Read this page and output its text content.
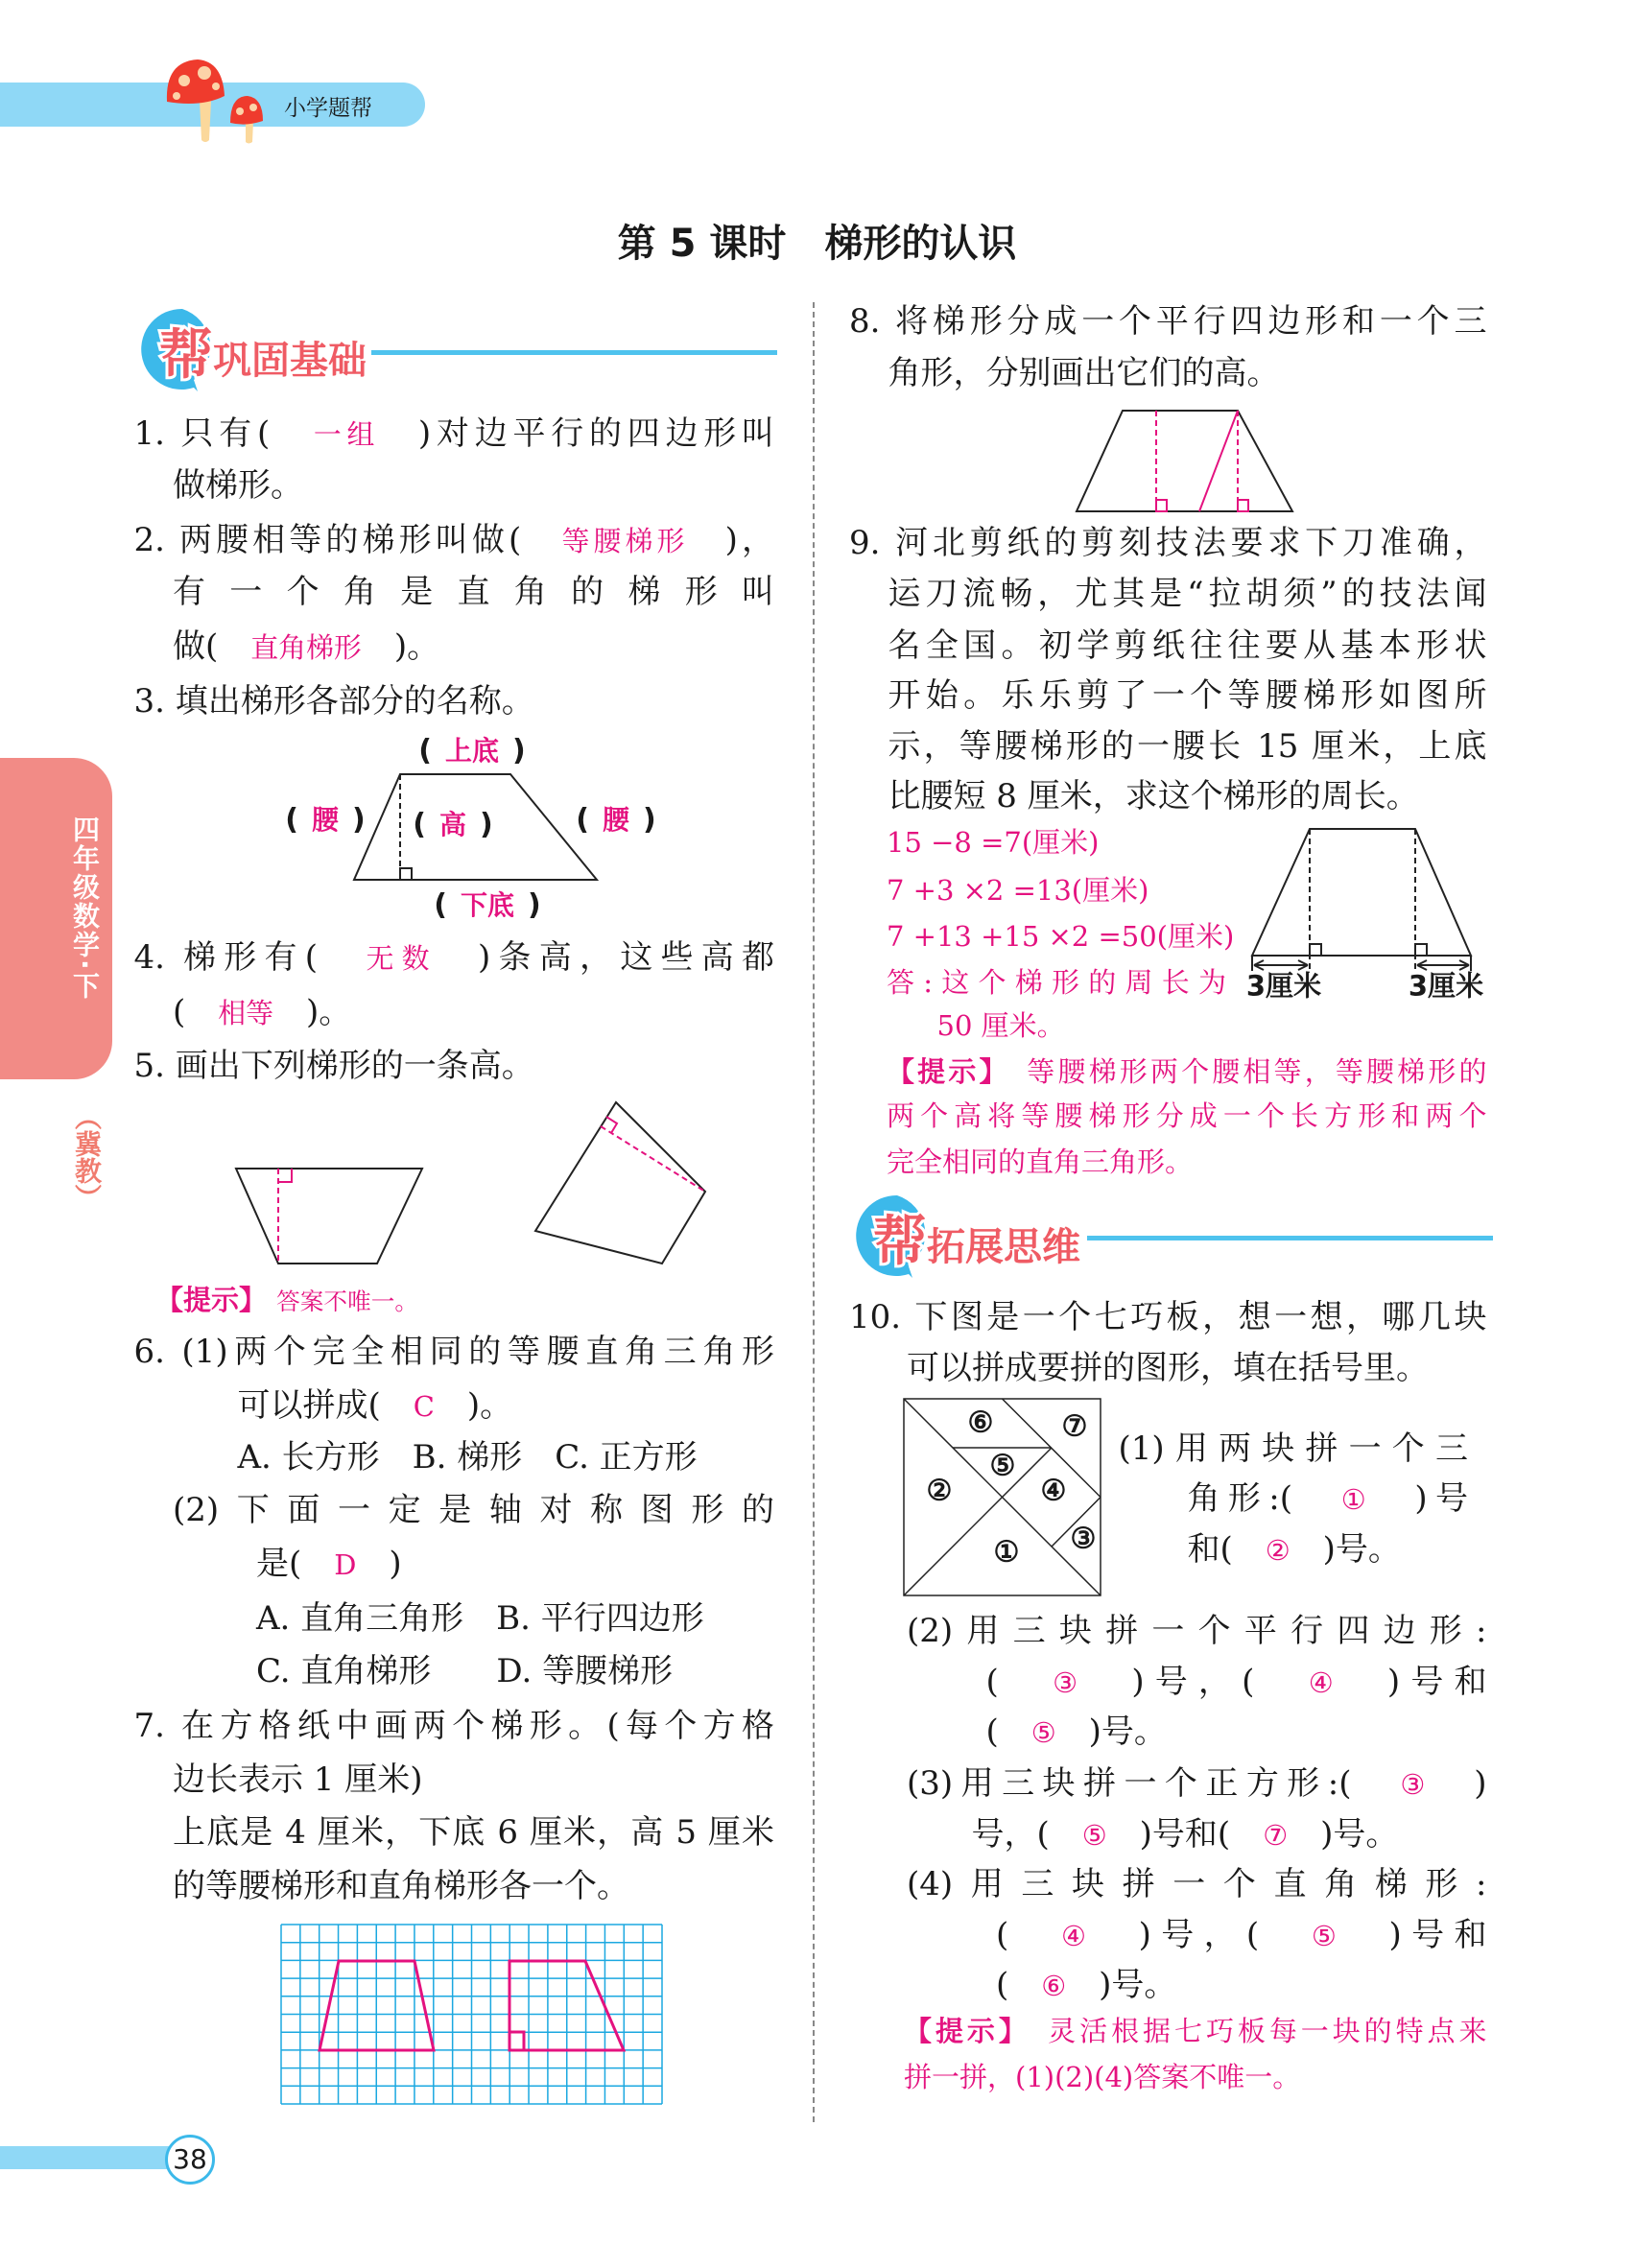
小学题帮
第 5 课时　梯形的认识
四年级数学·下
（冀教）
帮巩固基础
帮拓展思维
( 上底 )
( 腰 ) ( 高 )	( 腰 )
( 下底 )
3厘米	3厘米
①
②
③
④
⑤
⑥ ⑦
38
1. 只有(　一组　)对边平行的四边形叫
做梯形。
2. 两腰相等的梯形叫做(　等腰梯形　)，
有一个角是直角的梯形叫
做(　直角梯形　)。
3. 填出梯形各部分的名称。
4. 梯形有(　无数　)条高，这些高都
(　相等　)。
5. 画出下列梯形的一条高。
【提示】　答案不唯一。
6. (1)两个完全相同的等腰直角三角形
可以拼成(　C　)。
A. 长方形　B. 梯形　C. 正方形
(2)下面一定是轴对称图形的
是(　D　)
A. 直角三角形　B. 平行四边形
C. 直角梯形　　D. 等腰梯形
7. 在方格纸中画两个梯形。(每个方格
边长表示 1 厘米)
上底是 4 厘米，下底 6 厘米，高 5 厘米
的等腰梯形和直角梯形各一个。
8. 将梯形分成一个平行四边形和一个三
角形，分别画出它们的高。
9. 河北剪纸的剪刻技法要求下刀准确，
运刀流畅，尤其是“拉胡须”的技法闻
名全国。初学剪纸往往要从基本形状
开始。乐乐剪了一个等腰梯形如图所
示，等腰梯形的一腰长 15 厘米，上底
比腰短 8 厘米，求这个梯形的周长。
15 −8 =7(厘米)
7 +3 ×2 =13(厘米)
7 +13 +15 ×2 =50(厘米)
答:这个梯形的周长为
50 厘米。
【提示】　等腰梯形两个腰相等，等腰梯形的
两个高将等腰梯形分成一个长方形和两个
完全相同的直角三角形。
10. 下图是一个七巧板，想一想，哪几块
可以拼成要拼的图形，填在括号里。
(1)用两块拼一个三
角形:(　①　)号
和(　②　)号。
(2)用三块拼一个平行四边形:
(　③　)号，(　④　)号和
(　⑤　)号。
(3)用三块拼一个正方形:(　③　)
号，(　⑤　)号和(　⑦　)号。
(4)用三块拼一个直角梯形:
(　④　)号，(　⑤　)号和
(　⑥　)号。
【提示】　灵活根据七巧板每一块的特点来
拼一拼，(1)(2)(4)答案不唯一。
